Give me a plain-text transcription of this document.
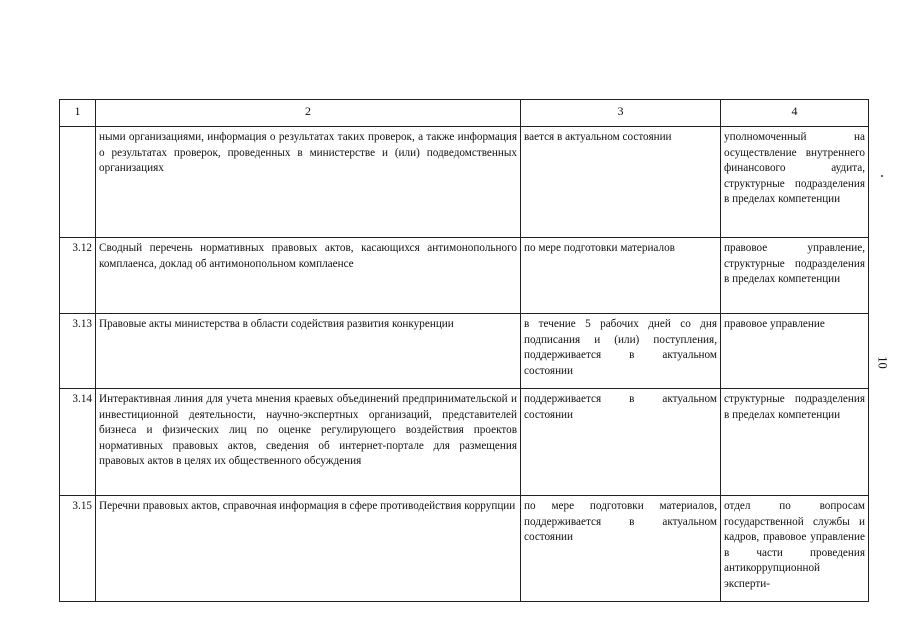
1	2	3	4
	ными организациями, информация о результатах таких проверок, а также информация о результатах проверок, проведенных в министерстве и (или) подведомственных организациях	вается в актуальном состоянии	уполномоченный на осуществление внутреннего финансового аудита, структурные подразделения в пределах компетенции
3.12	Сводный перечень нормативных правовых актов, касающихся антимонопольного комплаенса, доклад об антимонопольном комплаенсе	по мере подготовки материалов	правовое управление, структурные подразделения в пределах компетенции
3.13	Правовые акты министерства в области содействия развития конкуренции	в течение 5 рабочих дней со дня подписания и (или) поступления, поддерживается в актуальном состоянии	правовое управление
3.14	Интерактивная линия для учета мнения краевых объединений предпринимательской и инвестиционной деятельности, научно-экспертных организаций, представителей бизнеса и физических лиц по оценке регулирующего воздействия проектов нормативных правовых актов, сведения об интернет-портале для размещения правовых актов в целях их общественного обсуждения	поддерживается в актуальном состоянии	структурные подразделения в пределах компетенции
3.15	Перечни правовых актов, справочная информация в сфере противодействия коррупции	по мере подготовки материалов, поддерживается в актуальном состоянии	отдел по вопросам государственной службы и кадров, правовое управление в части проведения антикоррупционной эксперти-
10
